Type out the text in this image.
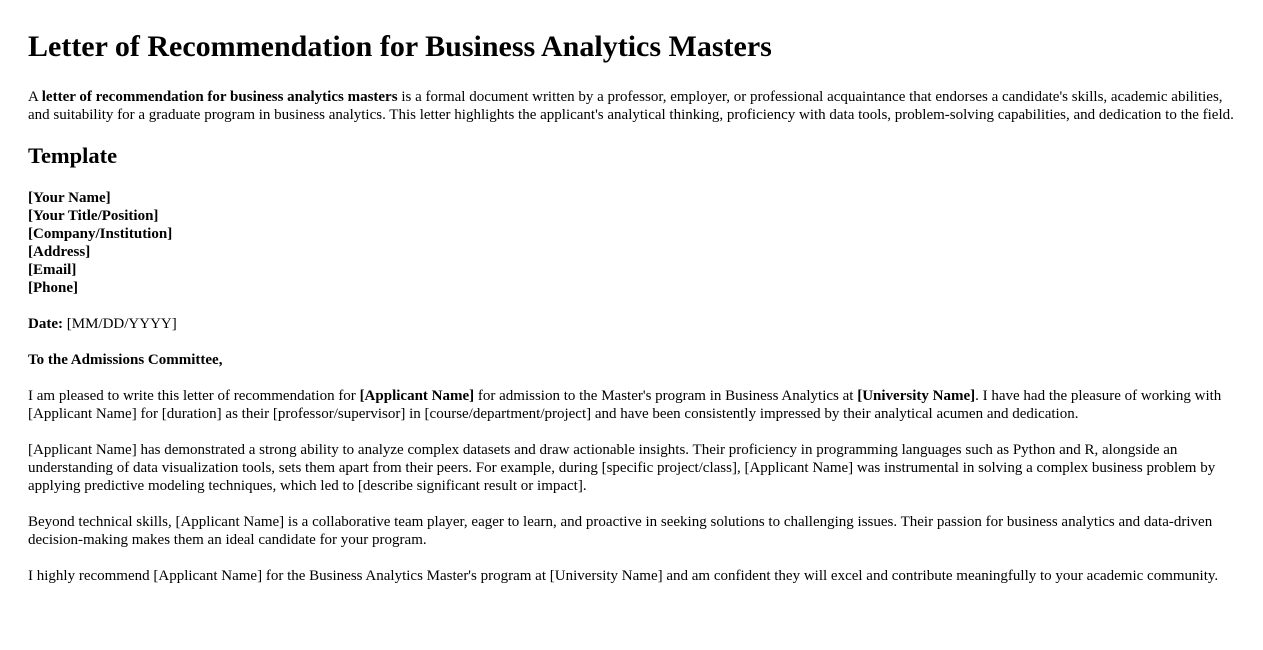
Letter of Recommendation for Business Analytics Masters

A letter of recommendation for business analytics masters is a formal document written by a professor, employer, or professional acquaintance that endorses a candidate's skills, academic abilities, and suitability for a graduate program in business analytics. This letter highlights the applicant's analytical thinking, proficiency with data tools, problem-solving capabilities, and dedication to the field.

Template
[Your Name]
[Your Title/Position]
[Company/Institution]
[Address]
[Email]
[Phone]

Date: [MM/DD/YYYY]

To the Admissions Committee,

I am pleased to write this letter of recommendation for [Applicant Name] for admission to the Master's program in Business Analytics at [University Name]. I have had the pleasure of working with [Applicant Name] for [duration] as their [professor/supervisor] in [course/department/project] and have been consistently impressed by their analytical acumen and dedication.

[Applicant Name] has demonstrated a strong ability to analyze complex datasets and draw actionable insights. Their proficiency in programming languages such as Python and R, alongside an understanding of data visualization tools, sets them apart from their peers. For example, during [specific project/class], [Applicant Name] was instrumental in solving a complex business problem by applying predictive modeling techniques, which led to [describe significant result or impact].

Beyond technical skills, [Applicant Name] is a collaborative team player, eager to learn, and proactive in seeking solutions to challenging issues. Their passion for business analytics and data-driven decision-making makes them an ideal candidate for your program.

I highly recommend [Applicant Name] for the Business Analytics Master's program at [University Name] and am confident they will excel and contribute meaningfully to your academic community.
